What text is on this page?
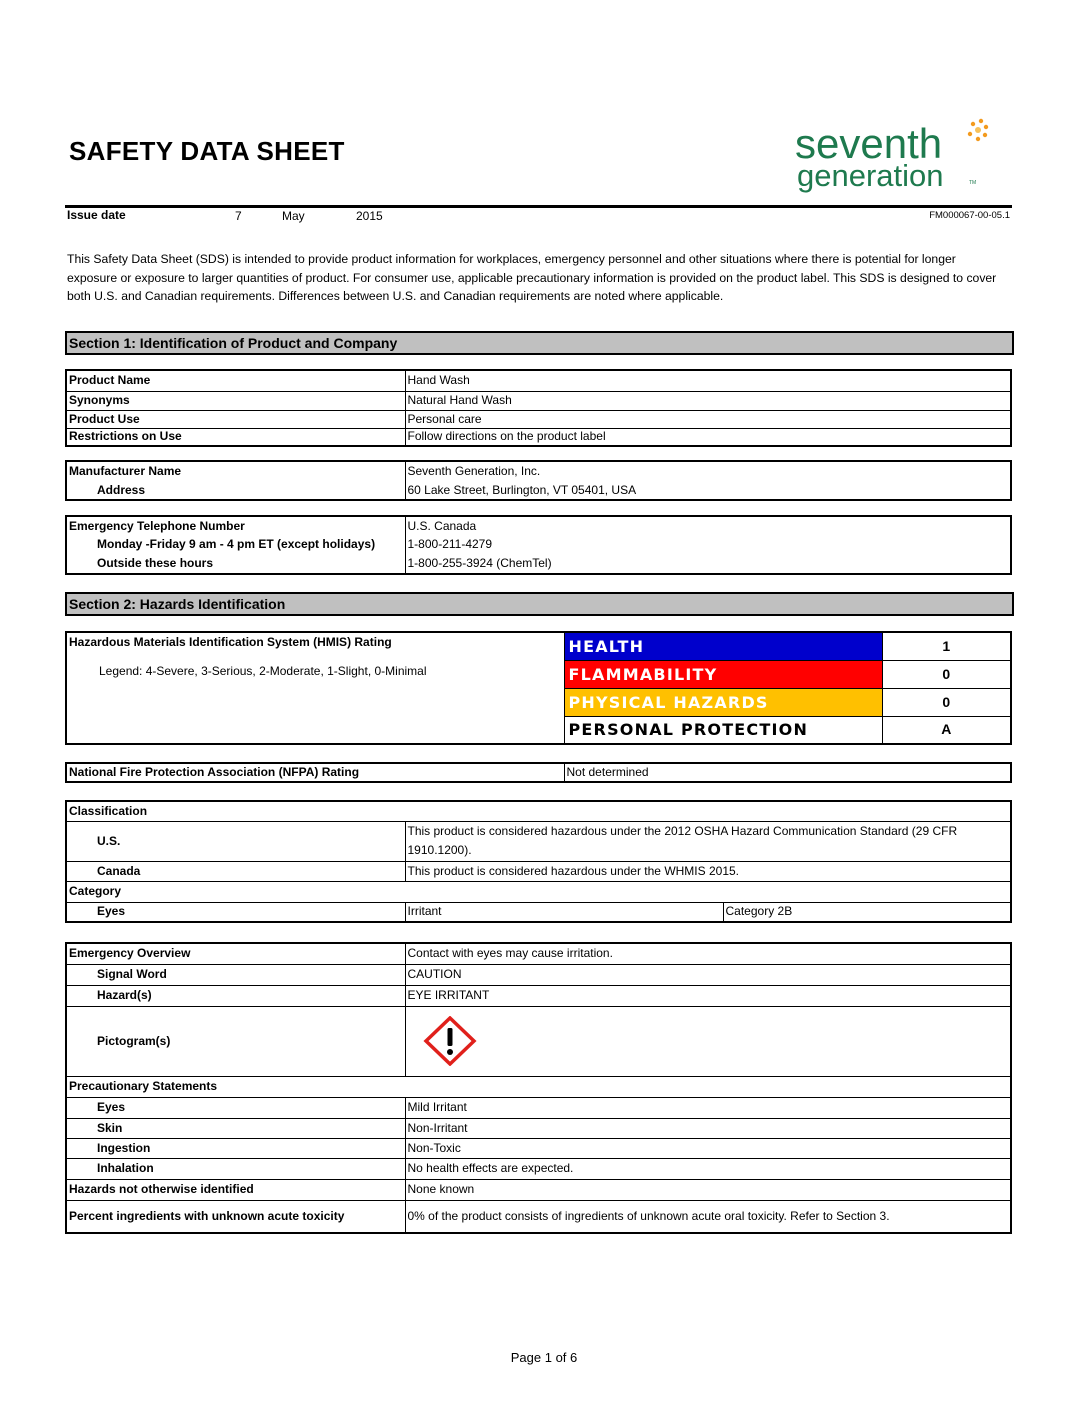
SAFETY DATA SHEET	seventh
generation	TM
Issue date	7	May	2015	FM000067-00-05.1
This Safety Data Sheet (SDS) is intended to provide product information for workplaces, emergency personnel and other situations where there is potential for longer exposure or exposure to larger quantities of product. For consumer use, applicable precautionary information is provided on the product label. This SDS is designed to cover both U.S. and Canadian requirements. Differences between U.S. and Canadian requirements are noted where applicable.
Section 1: Identification of Product and Company
Product Name	Hand Wash
Synonyms	Natural Hand Wash
Product Use	Personal care
Restrictions on Use	Follow directions on the product label
Manufacturer Name	Seventh Generation, Inc.
Address	60 Lake Street, Burlington, VT 05401, USA
Emergency Telephone Number	U.S. Canada
Monday -Friday 9 am - 4 pm ET (except holidays)	1-800-211-4279
Outside these hours	1-800-255-3924 (ChemTel)
Section 2: Hazards Identification
Hazardous Materials Identification System (HMIS) Rating
Legend: 4-Severe, 3-Serious, 2-Moderate, 1-Slight, 0-Minimal	HEALTH	1
	FLAMMABILITY	0
	PHYSICAL HAZARDS	0
	PERSONAL PROTECTION	A
National Fire Protection Association (NFPA) Rating	Not determined
Classification		
U.S.	This product is considered hazardous under the 2012 OSHA Hazard Communication Standard (29 CFR 1910.1200).	
Canada	This product is considered hazardous under the WHMIS 2015.	
Category		
Eyes	Irritant	Category 2B
Emergency Overview	Contact with eyes may cause irritation.
Signal Word	CAUTION
Hazard(s)	EYE IRRITANT
Pictogram(s)	

Precautionary Statements	
Eyes	Mild Irritant
Skin	Non-Irritant
Ingestion	Non-Toxic
Inhalation	No health effects are expected.
Hazards not otherwise identified	None known
Percent ingredients with unknown acute toxicity	0% of the product consists of ingredients of unknown acute oral toxicity. Refer to Section 3.
Page 1 of 6
